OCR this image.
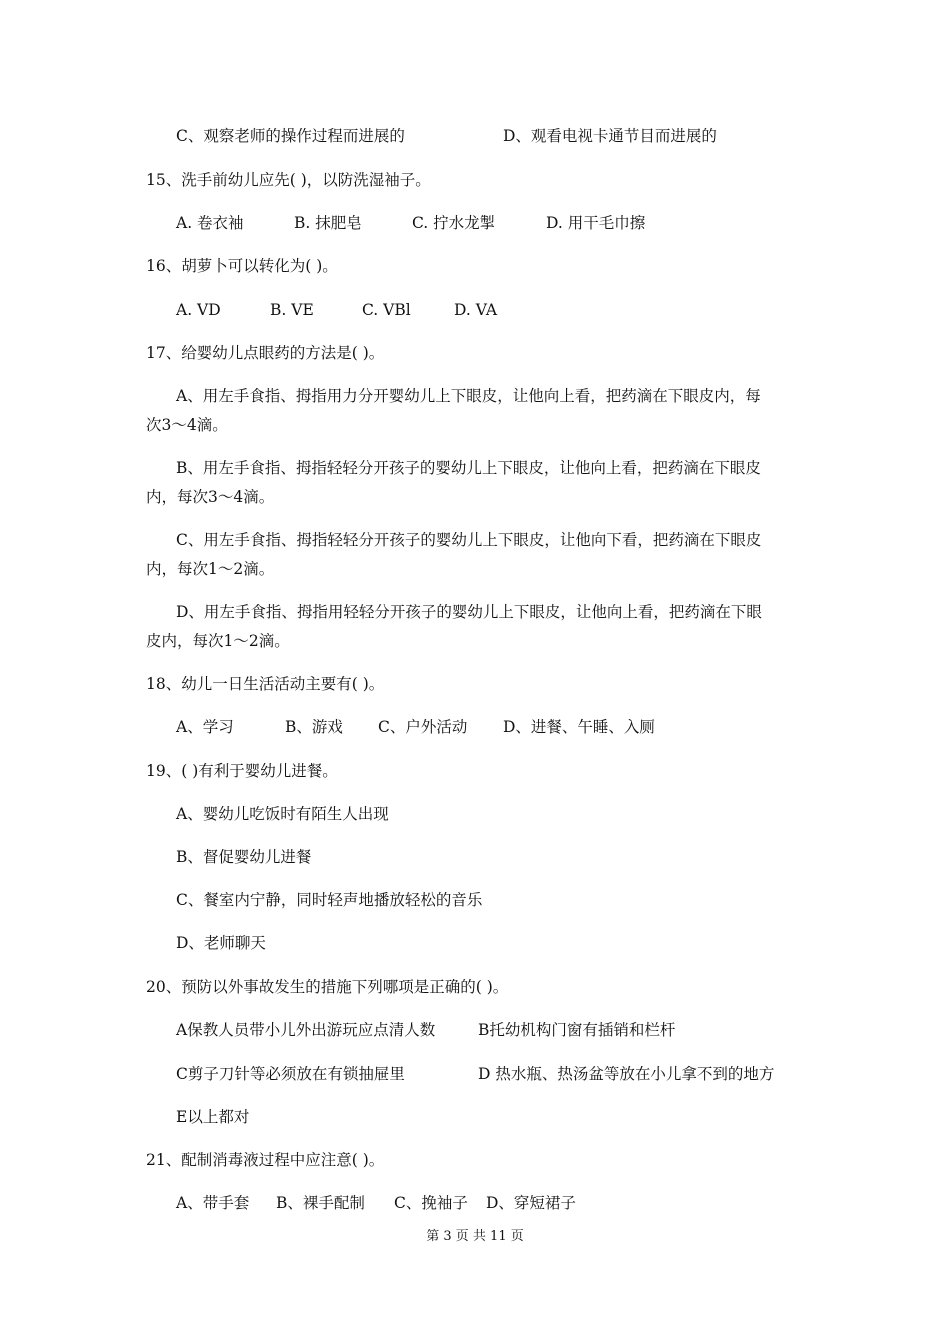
C、观察老师的操作过程而进展的	D、观看电视卡通节目而进展的
15、洗手前幼儿应先( )，以防洗湿袖子。
A. 卷衣袖	B. 抹肥皂	C. 拧水龙掣	D. 用干毛巾擦
16、胡萝卜可以转化为( )。
A. VD	B. VE	C. VBl	D. VA
17、给婴幼儿点眼药的方法是( )。
A、用左手食指、拇指用力分开婴幼儿上下眼皮，让他向上看，把药滴在下眼皮内，每
次3～4滴。
B、用左手食指、拇指轻轻分开孩子的婴幼儿上下眼皮，让他向上看，把药滴在下眼皮
内，每次3～4滴。
C、用左手食指、拇指轻轻分开孩子的婴幼儿上下眼皮，让他向下看，把药滴在下眼皮
内，每次1～2滴。
D、用左手食指、拇指用轻轻分开孩子的婴幼儿上下眼皮，让他向上看，把药滴在下眼
皮内，每次1～2滴。
18、幼儿一日生活活动主要有( )。
A、学习	B、游戏 C、户外活动 D、进餐、午睡、入厕
19、( )有利于婴幼儿进餐。
A、婴幼儿吃饭时有陌生人出现
B、督促婴幼儿进餐
C、餐室内宁静，同时轻声地播放轻松的音乐
D、老师聊天
20、预防以外事故发生的措施下列哪项是正确的( )。
A保教人员带小儿外出游玩应点清人数	B托幼机构门窗有插销和栏杆
C剪子刀针等必须放在有锁抽屉里	D 热水瓶、热汤盆等放在小儿拿不到的地方
E以上都对
21、配制消毒液过程中应注意( )。
A、带手套 B、裸手配制 C、挽袖子 D、穿短裙子
第 3 页 共 11 页
